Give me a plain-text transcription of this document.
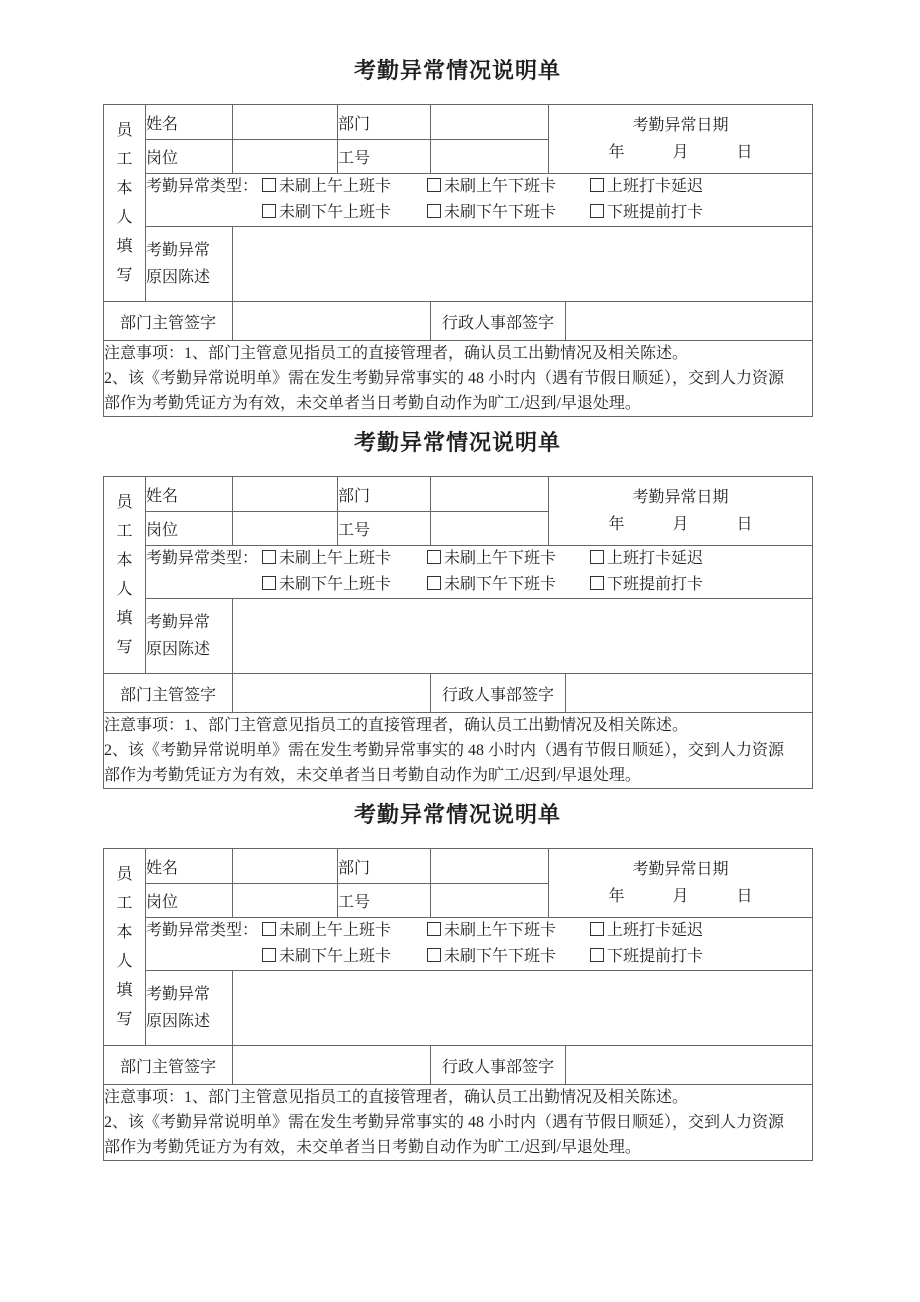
考勤异常情况说明单
员工本人填写	姓名		部门		考勤异常日期
年　　　月　　　日	

	岗位		工号			

考勤异常类型：	未刷上午上班卡	未刷上午下班卡	上班打卡延迟
未刷下午上班卡	未刷下午下班卡	下班提前打卡

	考勤异常
原因陈述					

部门主管签字				行政人事部签字		

注意事项：1、部门主管意见指员工的直接管理者，确认员工出勤情况及相关陈述。
2、该《考勤异常说明单》需在发生考勤异常事实的 48 小时内（遇有节假日顺延），交到人力资源
部作为考勤凭证方为有效，未交单者当日考勤自动作为旷工/迟到/早退处理。						
考勤异常情况说明单
员工本人填写	姓名		部门		考勤异常日期
年　　　月　　　日	

	岗位		工号			

考勤异常类型：	未刷上午上班卡	未刷上午下班卡	上班打卡延迟
未刷下午上班卡	未刷下午下班卡	下班提前打卡

	考勤异常
原因陈述					

部门主管签字				行政人事部签字		

注意事项：1、部门主管意见指员工的直接管理者，确认员工出勤情况及相关陈述。
2、该《考勤异常说明单》需在发生考勤异常事实的 48 小时内（遇有节假日顺延），交到人力资源
部作为考勤凭证方为有效，未交单者当日考勤自动作为旷工/迟到/早退处理。						
考勤异常情况说明单
员工本人填写	姓名		部门		考勤异常日期
年　　　月　　　日	

	岗位		工号			

考勤异常类型：	未刷上午上班卡	未刷上午下班卡	上班打卡延迟
未刷下午上班卡	未刷下午下班卡	下班提前打卡

	考勤异常
原因陈述					

部门主管签字				行政人事部签字		

注意事项：1、部门主管意见指员工的直接管理者，确认员工出勤情况及相关陈述。
2、该《考勤异常说明单》需在发生考勤异常事实的 48 小时内（遇有节假日顺延），交到人力资源
部作为考勤凭证方为有效，未交单者当日考勤自动作为旷工/迟到/早退处理。						
